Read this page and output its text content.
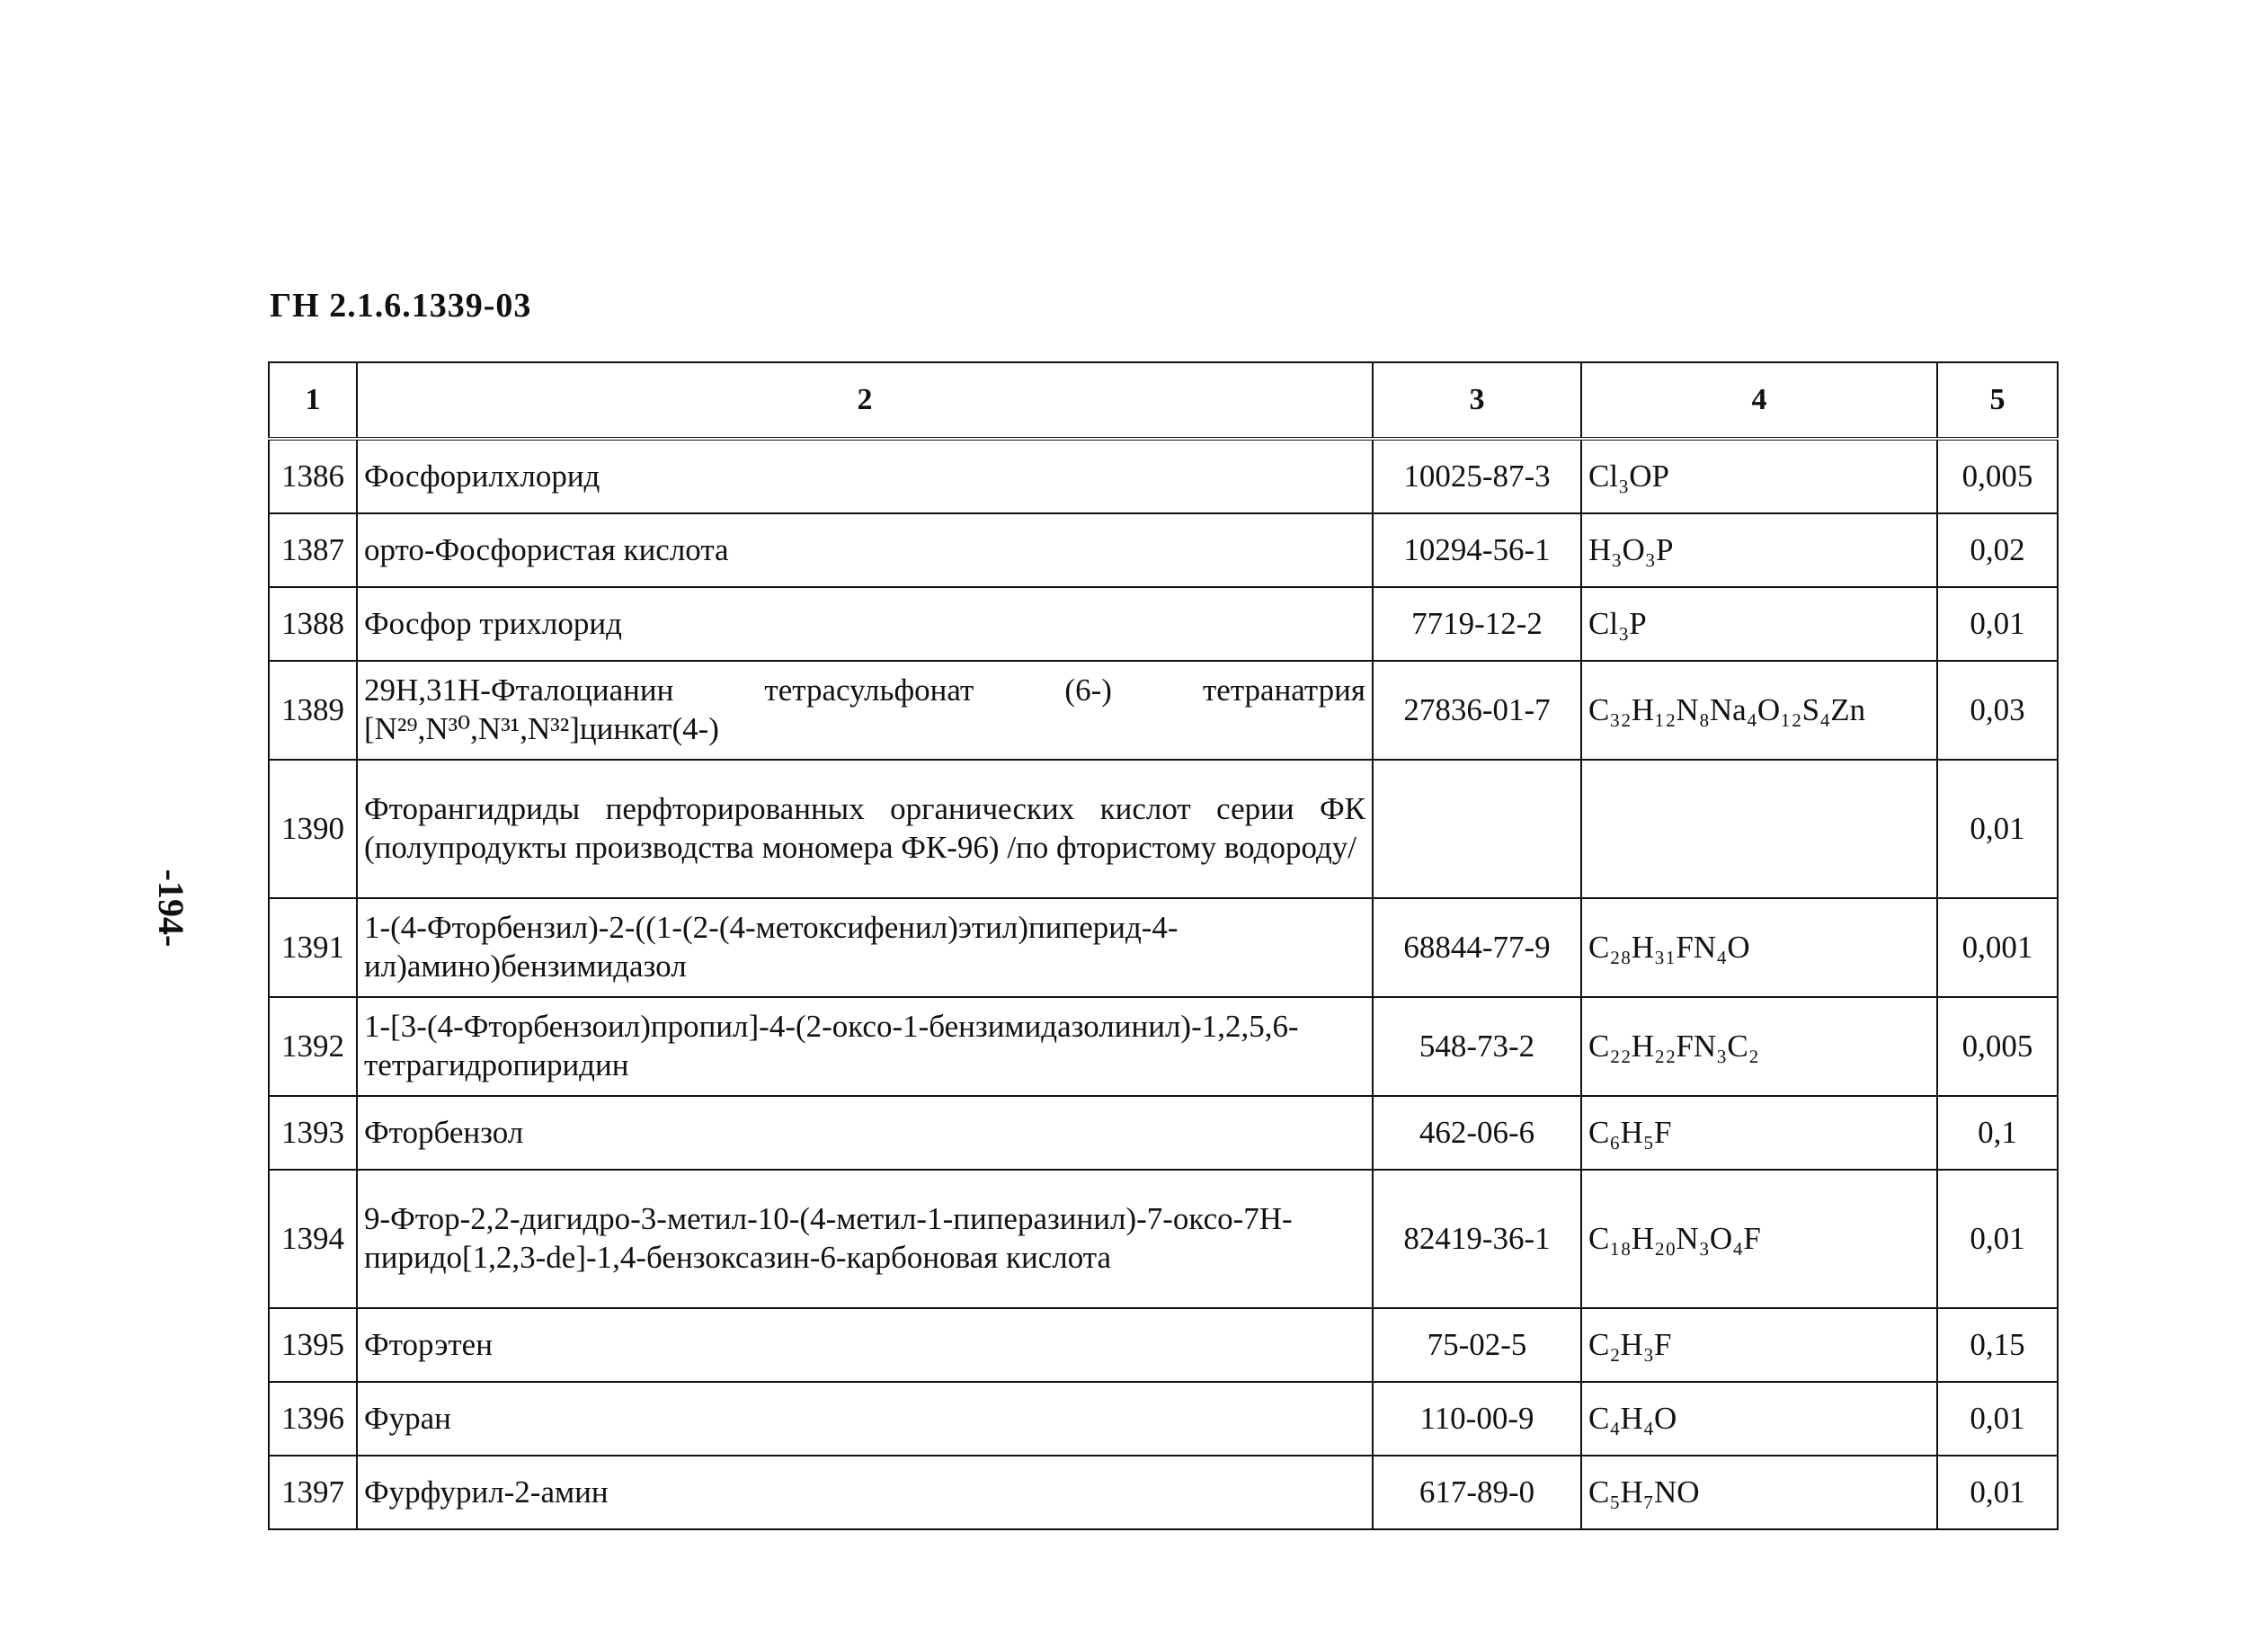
ГН 2.1.6.1339-03
-194-
1	2	3	4	5
1386	Фосфорилхлорид	10025-87-3	Cl₃OP	0,005
1387	орто-Фосфористая кислота	10294-56-1	H₃O₃P	0,02
1388	Фосфор трихлорид	7719-12-2	Cl₃P	0,01
1389	29H,31H-Фталоцианин тетрасульфонат (6-) тетранатрия [N²⁹,N³⁰,N³¹,N³²]цинкат(4-)	27836-01-7	C₃₂H₁₂N₈Na₄O₁₂S₄Zn	0,03
1390	Фторангидриды перфторированных органических кислот серии ФК (полупродукты производства мономера ФК-96) /по фтористому водороду/			0,01
1391	1-(4-Фторбензил)-2-((1-(2-(4-метоксифенил)этил)пиперид-4-ил)амино)бензимидазол	68844-77-9	C₂₈H₃₁FN₄O	0,001
1392	1-[3-(4-Фторбензоил)пропил]-4-(2-оксо-1-бензимидазолинил)-1,2,5,6-тетрагидропиридин	548-73-2	C₂₂H₂₂FN₃C₂	0,005
1393	Фторбензол	462-06-6	C₆H₅F	0,1
1394	9-Фтор-2,2-дигидро-3-метил-10-(4-метил-1-пиперазинил)-7-оксо-7H-пиридо[1,2,3-de]-1,4-бензоксазин-6-карбоновая кислота	82419-36-1	C₁₈H₂₀N₃O₄F	0,01
1395	Фторэтен	75-02-5	C₂H₃F	0,15
1396	Фуран	110-00-9	C₄H₄O	0,01
1397	Фурфурил-2-амин	617-89-0	C₅H₇NO	0,01
